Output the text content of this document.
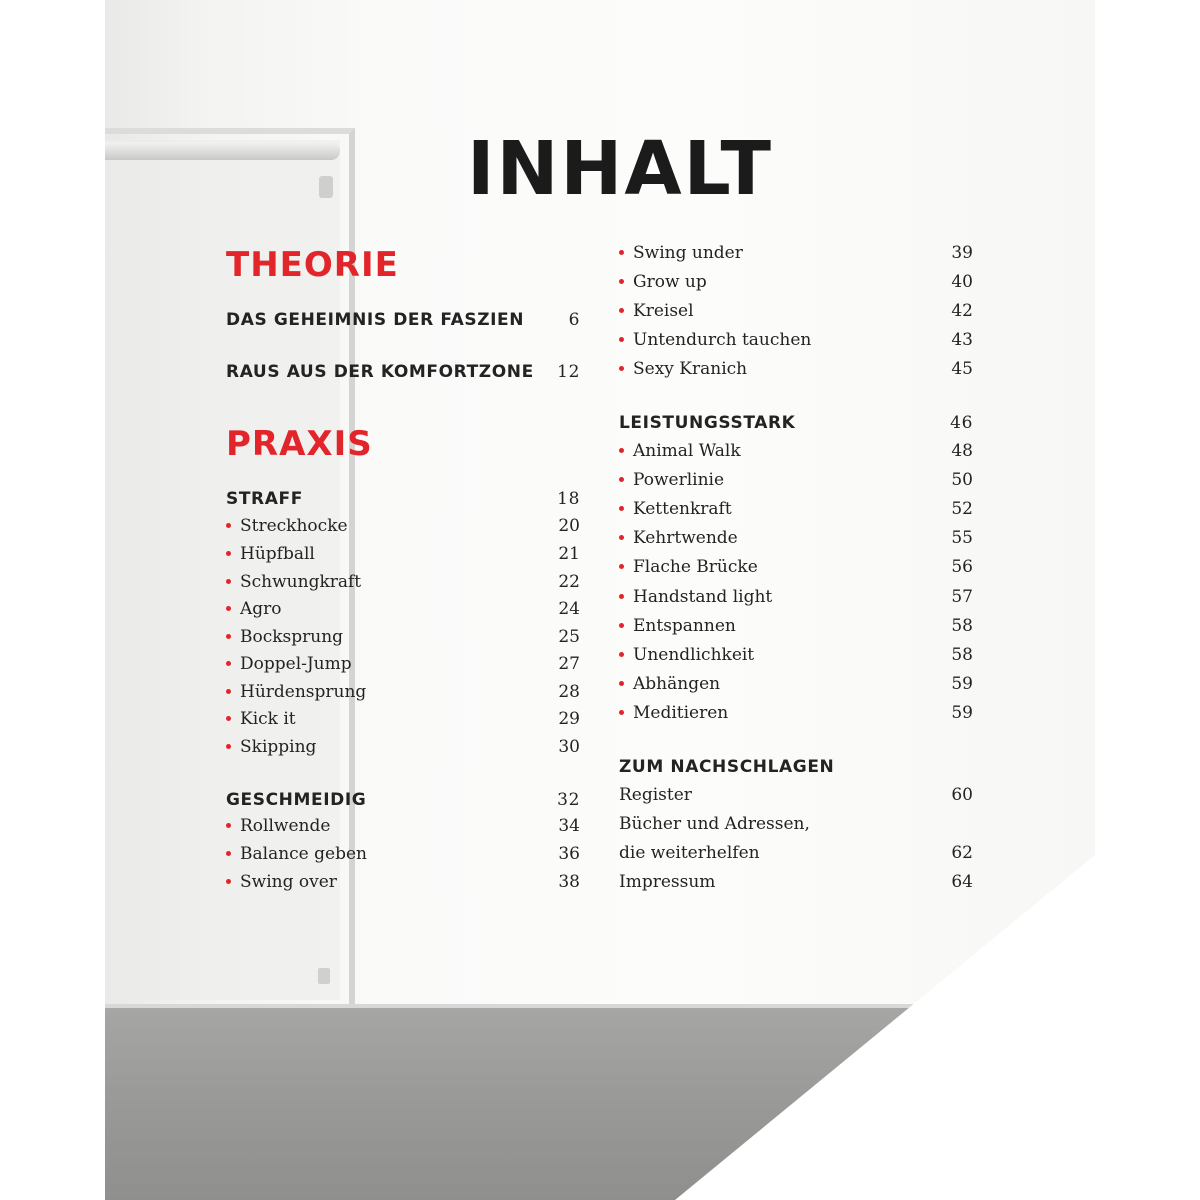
INHALT
THEORIE
DAS GEHEIMNIS DER FASZIEN	6
RAUS AUS DER KOMFORTZONE 12
PRAXIS
STRAFF	18
Streckhocke	20
Hüpfball	21
Schwungkraft	22
Agro	24
Bocksprung	25
Doppel-Jump	27
Hürdensprung	28
Kick it	29
Skipping	30
GESCHMEIDIG	32
Rollwende	34
Balance geben	36
Swing over	38
Swing under	39
Grow up	40
Kreisel	42
Untendurch tauchen	43
Sexy Kranich	45
LEISTUNGSSTARK	46
Animal Walk	48
Powerlinie	50
Kettenkraft	52
Kehrtwende	55
Flache Brücke	56
Handstand light	57
Entspannen	58
Unendlichkeit	58
Abhängen	59
Meditieren	59
ZUM NACHSCHLAGEN
Register	60
Bücher und Adressen,
die weiterhelfen	62
Impressum	64
